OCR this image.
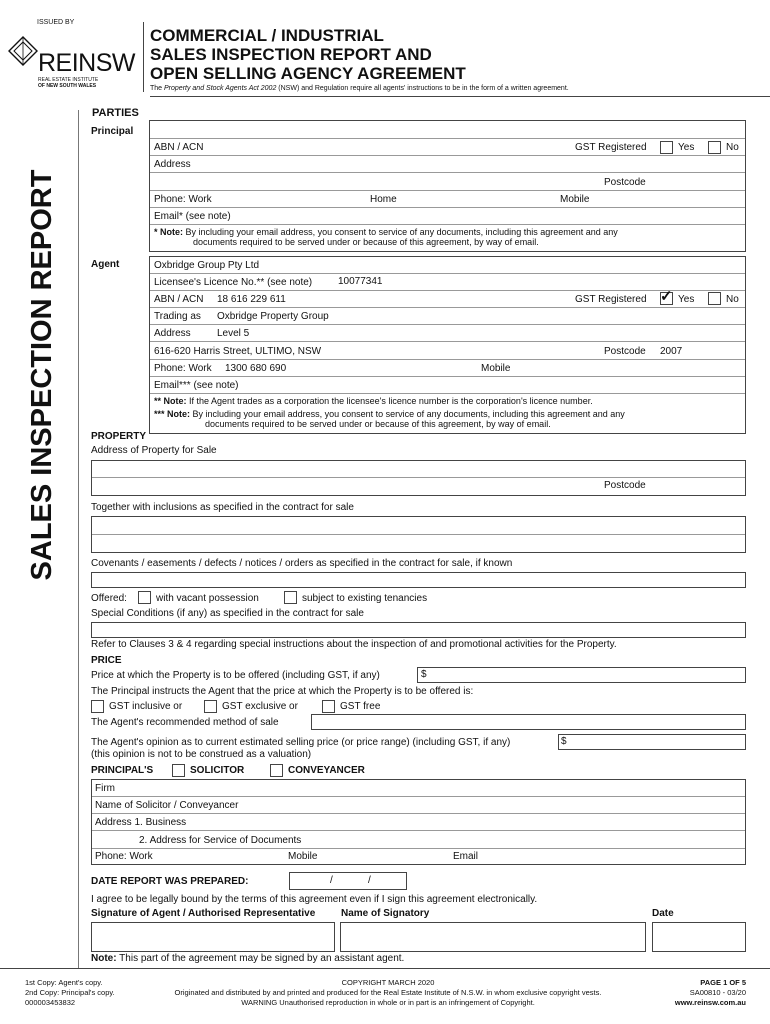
ISSUED BY
REINSW
REAL ESTATE INSTITUTE
OF NEW SOUTH WALES
COMMERCIAL / INDUSTRIAL
SALES INSPECTION REPORT AND
OPEN SELLING AGENCY AGREEMENT
The Property and Stock Agents Act 2002 (NSW) and Regulation require all agents' instructions to be in the form of a written agreement.
SALES INSPECTION REPORT
PARTIES
Principal
ABN / ACN	GST Registered	Yes	No
Address
Postcode
Phone: Work	Home	Mobile
Email* (see note)
* Note: By including your email address, you consent to service of any documents, including this agreement and any
documents required to be served under or because of this agreement, by way of email.
Agent	Oxbridge Group Pty Ltd
Licensee's Licence No.** (see note)	10077341
ABN / ACN 18 616 229 611	GST Registered ✓ Yes	No
Trading as Oxbridge Property Group
Address	Level 5
616-620 Harris Street, ULTIMO, NSW	Postcode 2007
Phone: Work 1300 680 690	Mobile
Email*** (see note)
** Note: If the Agent trades as a corporation the licensee's licence number is the corporation's licence number.
*** Note: By including your email address, you consent to service of any documents, including this agreement and any
documents required to be served under or because of this agreement, by way of email.
PROPERTY
Address of Property for Sale
Postcode
Together with inclusions as specified in the contract for sale
Covenants / easements / defects / notices / orders as specified in the contract for sale, if known
Offered:	with vacant possession	subject to existing tenancies
Special Conditions (if any) as specified in the contract for sale
Refer to Clauses 3 & 4 regarding special instructions about the inspection of and promotional activities for the Property.
PRICE
Price at which the Property is to be offered (including GST, if any)	$
The Principal instructs the Agent that the price at which the Property is to be offered is:
GST inclusive or	GST exclusive or	GST free
The Agent's recommended method of sale
The Agent's opinion as to current estimated selling price (or price range) (including GST, if any)	$
(this opinion is not to be construed as a valuation)
PRINCIPAL'S	SOLICITOR	CONVEYANCER
Firm
Name of Solicitor / Conveyancer
Address 1. Business
2. Address for Service of Documents
Phone: Work	Mobile	Email
DATE REPORT WAS PREPARED:	/	/
I agree to be legally bound by the terms of this agreement even if I sign this agreement electronically.
Signature of Agent / Authorised Representative	Name of Signatory	Date
Note: This part of the agreement may be signed by an assistant agent.
1st Copy: Agent's copy.
2nd Copy: Principal's copy.
000003453832
COPYRIGHT MARCH 2020
Originated and distributed by and printed and produced for the Real Estate Institute of N.S.W. in whom exclusive copyright vests.
WARNING Unauthorised reproduction in whole or in part is an infringement of Copyright.
PAGE 1 OF 5
SA00810 - 03/20
www.reinsw.com.au
